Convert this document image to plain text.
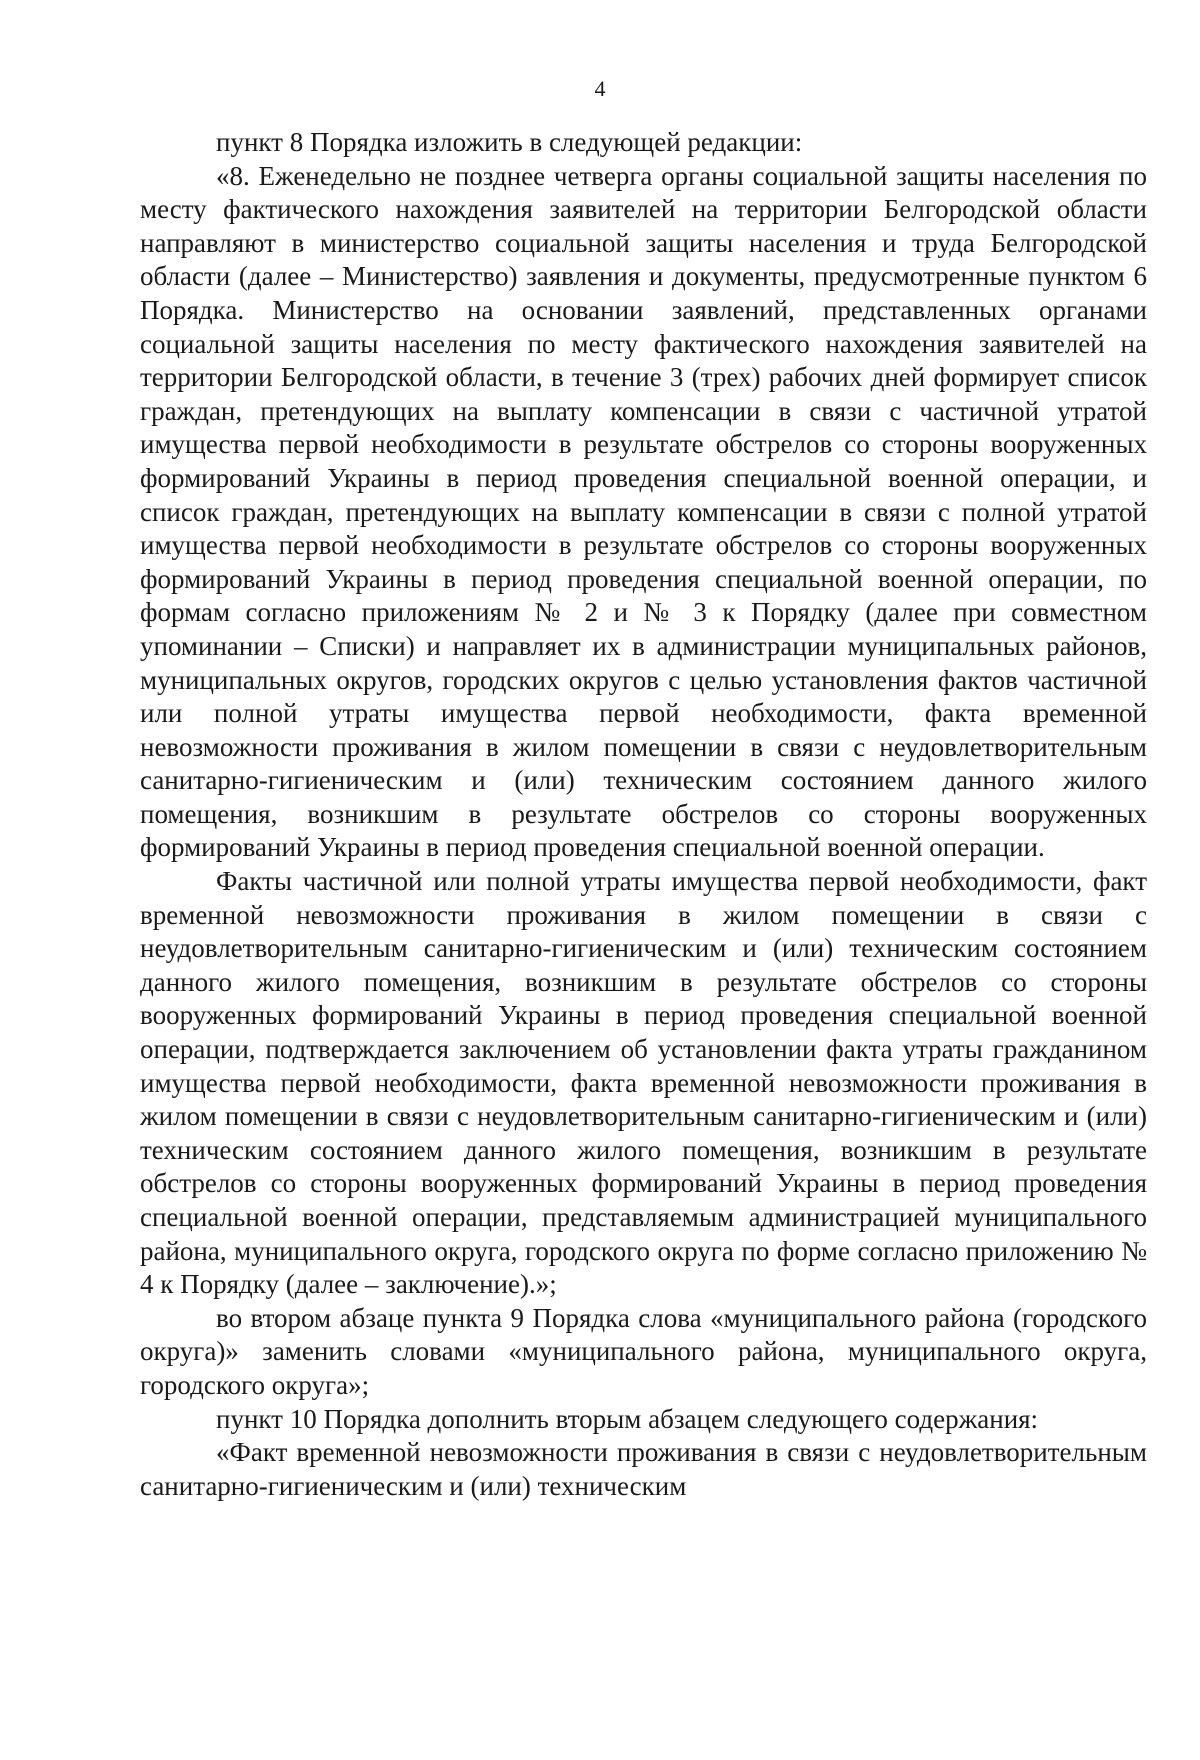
4

пункт 8 Порядка изложить в следующей редакции:

«8. Еженедельно не позднее четверга органы социальной защиты населения по месту фактического нахождения заявителей на территории Белгородской области направляют в министерство социальной защиты населения и труда Белгородской области (далее – Министерство) заявления и документы, предусмотренные пунктом 6 Порядка. Министерство на основании заявлений, представленных органами социальной защиты населения по месту фактического нахождения заявителей на территории Белгородской области, в течение 3 (трех) рабочих дней формирует список граждан, претендующих на выплату компенсации в связи с частичной утратой имущества первой необходимости в результате обстрелов со стороны вооруженных формирований Украины в период проведения специальной военной операции, и список граждан, претендующих на выплату компенсации в связи с полной утратой имущества первой необходимости в результате обстрелов со стороны вооруженных формирований Украины в период проведения специальной военной операции, по формам согласно приложениям № 2 и № 3 к Порядку (далее при совместном упоминании – Списки) и направляет их в администрации муниципальных районов, муниципальных округов, городских округов с целью установления фактов частичной или полной утраты имущества первой необходимости, факта временной невозможности проживания в жилом помещении в связи с неудовлетворительным санитарно-гигиеническим и (или) техническим состоянием данного жилого помещения, возникшим в результате обстрелов со стороны вооруженных формирований Украины в период проведения специальной военной операции.

Факты частичной или полной утраты имущества первой необходимости, факт временной невозможности проживания в жилом помещении в связи с неудовлетворительным санитарно-гигиеническим и (или) техническим состоянием данного жилого помещения, возникшим в результате обстрелов со стороны вооруженных формирований Украины в период проведения специальной военной операции, подтверждается заключением об установлении факта утраты гражданином имущества первой необходимости, факта временной невозможности проживания в жилом помещении в связи с неудовлетворительным санитарно-гигиеническим и (или) техническим состоянием данного жилого помещения, возникшим в результате обстрелов со стороны вооруженных формирований Украины в период проведения специальной военной операции, представляемым администрацией муниципального района, муниципального округа, городского округа по форме согласно приложению № 4 к Порядку (далее – заключение).»;

во втором абзаце пункта 9 Порядка слова «муниципального района (городского округа)» заменить словами «муниципального района, муниципального округа, городского округа»;

пункт 10 Порядка дополнить вторым абзацем следующего содержания:

«Факт временной невозможности проживания в связи с неудовлетворительным санитарно-гигиеническим и (или) техническим
